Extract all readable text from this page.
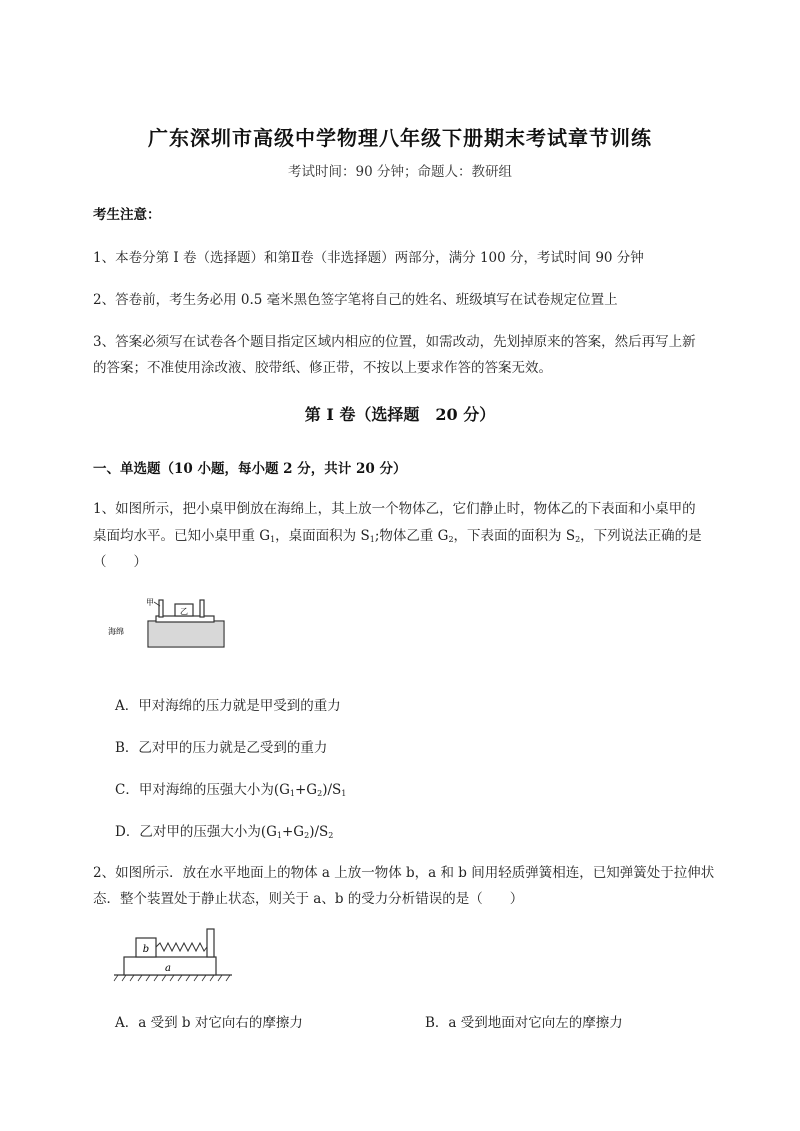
广东深圳市高级中学物理八年级下册期末考试章节训练
考试时间：90 分钟；命题人：教研组
考生注意：
1、本卷分第 I 卷（选择题）和第Ⅱ卷（非选择题）两部分，满分 100 分，考试时间 90 分钟
2、答卷前，考生务必用 0.5 毫米黑色签字笔将自己的姓名、班级填写在试卷规定位置上
3、答案必须写在试卷各个题目指定区域内相应的位置，如需改动，先划掉原来的答案，然后再写上新
的答案；不准使用涂改液、胶带纸、修正带，不按以上要求作答的答案无效。
第 I 卷（选择题　20 分）
一、单选题（10 小题，每小题 2 分，共计 20 分）
1、如图所示，把小桌甲倒放在海绵上，其上放一个物体乙，它们静止时，物体乙的下表面和小桌甲的
桌面均水平。已知小桌甲重 $G_1$，桌面面积为 $S_1$;物体乙重 $G_2$，下表面的面积为 $S_2$，下列说法正确的是
（　　）
乙
甲
海绵
A．甲对海绵的压力就是甲受到的重力
B．乙对甲的压力就是乙受到的重力
C．甲对海绵的压强大小为$(G_1+G_2)/S_1$
D．乙对甲的压强大小为$(G_1+G_2)/S_2$
2、如图所示．放在水平地面上的物体 a 上放一物体 b，a 和 b 间用轻质弹簧相连，已知弹簧处于拉伸状
态．整个装置处于静止状态，则关于 a、b 的受力分析错误的是（　　）
a
b
A．a 受到 b 对它向右的摩擦力	B．a 受到地面对它向左的摩擦力
